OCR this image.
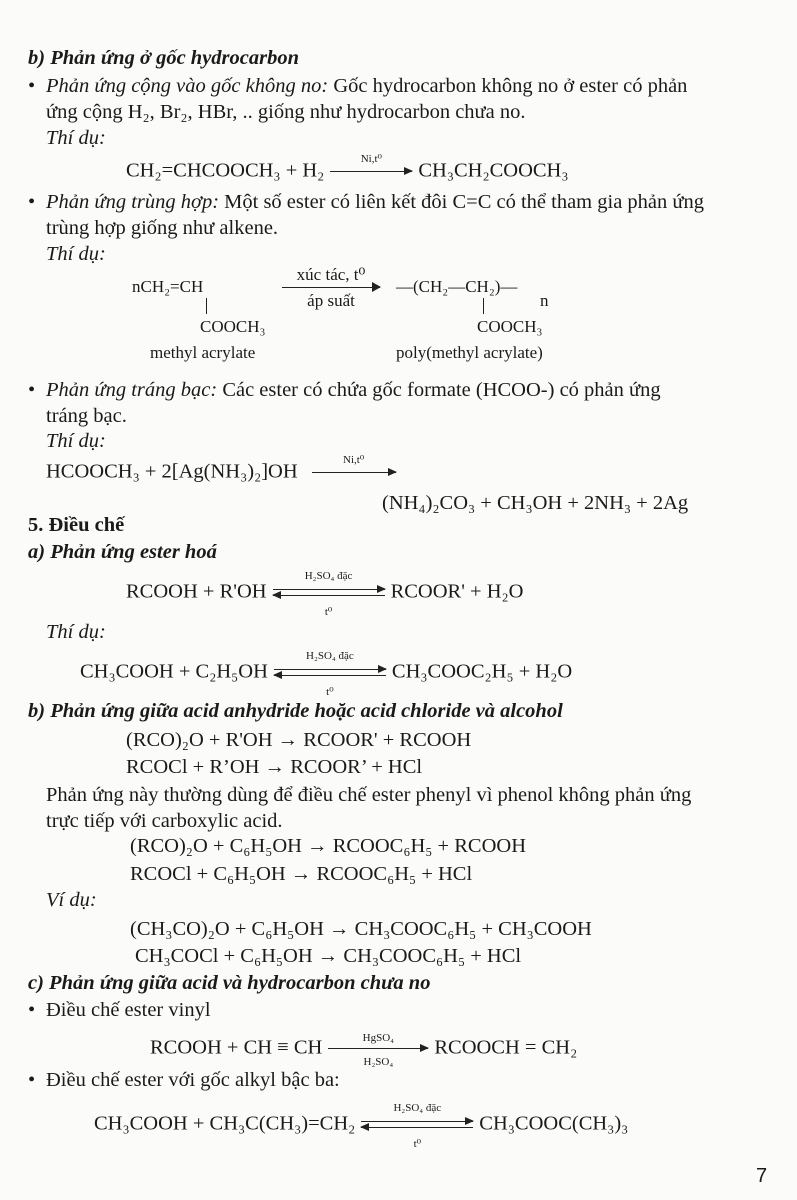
b) Phản ứng ở gốc hydrocarbon
• Phản ứng cộng vào gốc không no: Gốc hydrocarbon không no ở ester có phản
ứng cộng H₂, Br₂, HBr, .. giống như hydrocarbon chưa no.
Thí dụ:
CH₂=CHCOOCH₃ + H₂
Ni,t⁰
CH₃CH₂COOCH₃
• Phản ứng trùng hợp: Một số ester có liên kết đôi C=C có thể tham gia phản ứng
trùng hợp giống như alkene.
Thí dụ:
nCH₂=CH
COOCH₃
methyl acrylate
xúc tác, t⁰
áp suất
—(CH₂—CH₂)—
n
COOCH₃
poly(methyl acrylate)
• Phản ứng tráng bạc: Các ester có chứa gốc formate (HCOO-) có phản ứng
tráng bạc.
Thí dụ:
HCOOCH₃ + 2[Ag(NH₃)₂]OH
Ni,t⁰
(NH₄)₂CO₃ + CH₃OH + 2NH₃ + 2Ag
5. Điều chế
a) Phản ứng ester hoá
RCOOH + R'OH
H₂SO₄ đặc
t⁰
RCOOR' + H₂O
Thí dụ:
CH₃COOH + C₂H₅OH
H₂SO₄ đặc
t⁰
CH₃COOC₂H₅ + H₂O
b) Phản ứng giữa acid anhydride hoặc acid chloride và alcohol
(RCO)₂O + R'OH → RCOOR' + RCOOH
RCOCl + R’OH → RCOOR’ + HCl
Phản ứng này thường dùng để điều chế ester phenyl vì phenol không phản ứng
trực tiếp với carboxylic acid.
(RCO)₂O + C₆H₅OH → RCOOC₆H₅ + RCOOH
RCOCl + C₆H₅OH → RCOOC₆H₅ + HCl
Ví dụ:
(CH₃CO)₂O + C₆H₅OH → CH₃COOC₆H₅ + CH₃COOH
CH₃COCl + C₆H₅OH → CH₃COOC₆H₅ + HCl
c) Phản ứng giữa acid và hydrocarbon chưa no
• Điều chế ester vinyl
RCOOH + CH ≡ CH	HgSO₄
H₂SO₄
RCOOCH = CH₂
• Điều chế ester với gốc alkyl bậc ba:
CH₃COOH + CH₃C(CH₃)=CH₂
H₂SO₄ đặc
t⁰
CH₃COOC(CH₃)₃
7
